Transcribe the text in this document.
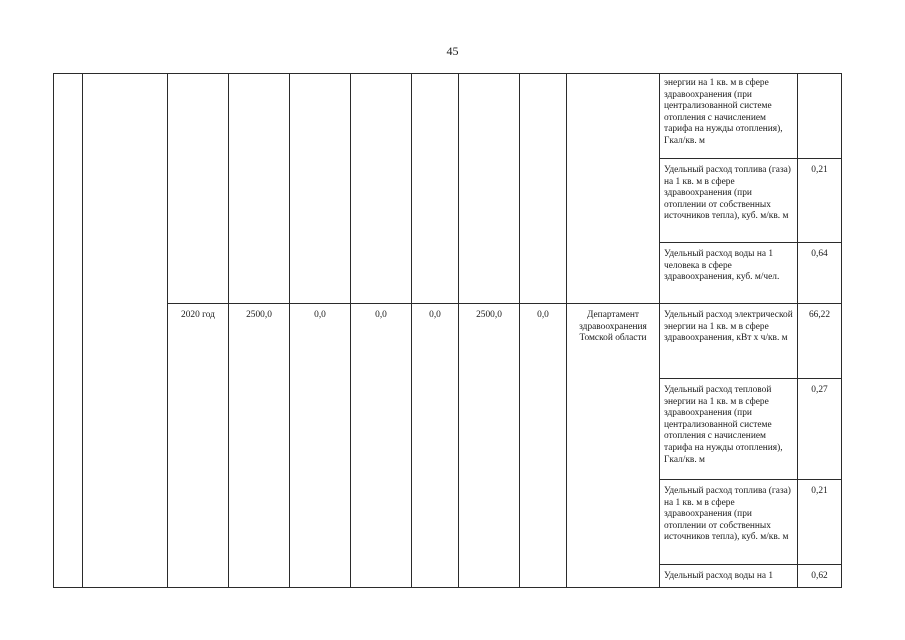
45
										энергии на 1 кв. м в сфере здравоохранения (при централизованной системе отопления с начислением тарифа на нужды отопления), Гкал/кв. м	
										Удельный расход топлива (газа) на 1 кв. м в сфере здравоохранения (при отоплении от собственных источников тепла), куб. м/кв. м	0,21
										Удельный расход воды на 1 человека в сфере здравоохранения, куб. м/чел.	0,64
		2020 год	2500,0	0,0	0,0	0,0	2500,0	0,0	Департамент здравоохранения Томской области	Удельный расход электрической энергии на 1 кв. м в сфере здравоохранения, кВт х ч/кв. м	66,22
										Удельный расход тепловой энергии на 1 кв. м в сфере здравоохранения (при централизованной системе отопления с начислением тарифа на нужды отопления), Гкал/кв. м	0,27
										Удельный расход топлива (газа) на 1 кв. м в сфере здравоохранения (при отоплении от собственных источников тепла), куб. м/кв. м	0,21
										Удельный расход воды на 1	0,62
